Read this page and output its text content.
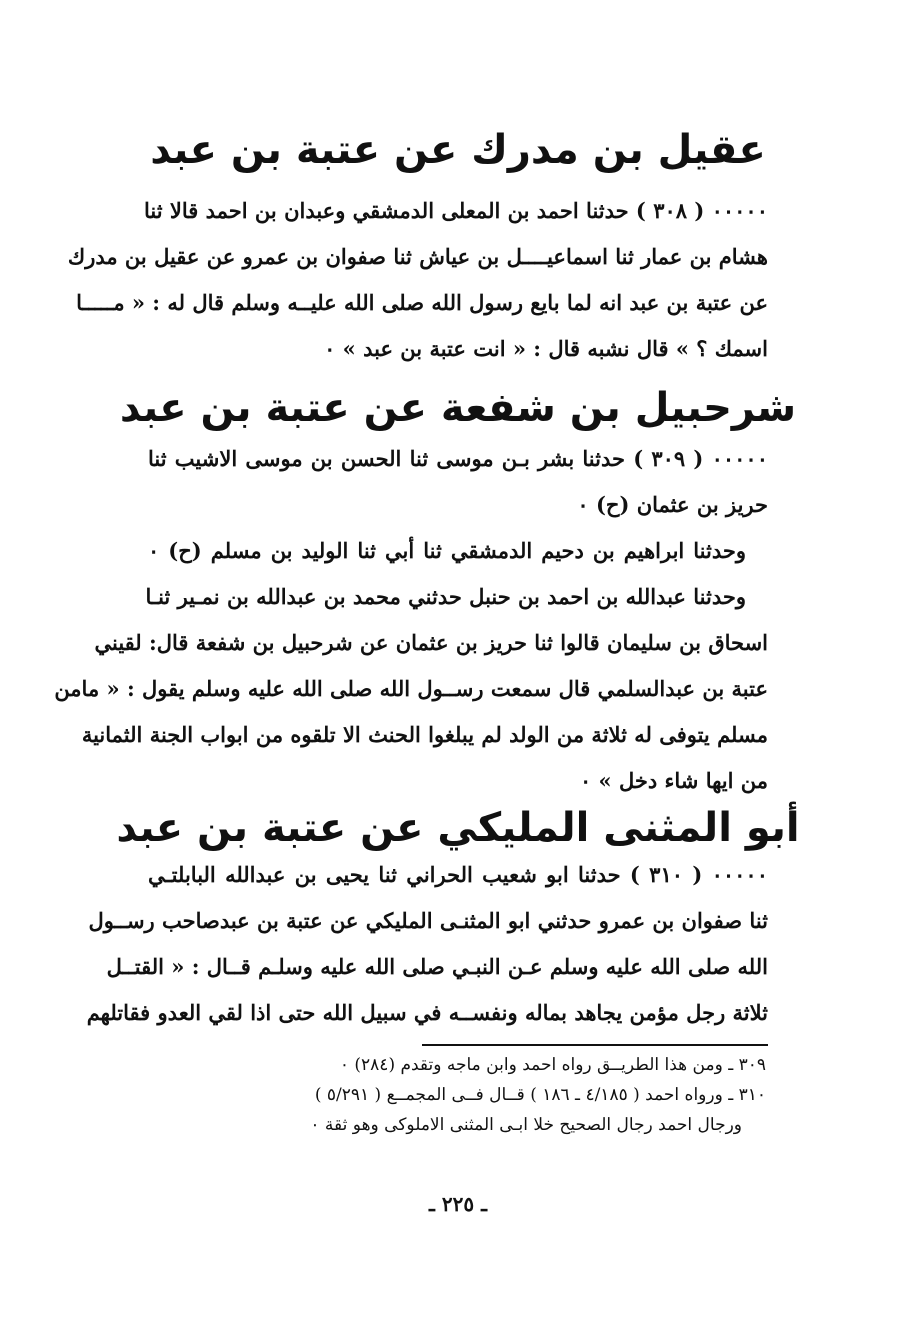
عقيل بن مدرك عن عتبة بن عبد

٠٠٠٠٠ ( ٣٠٨ ) حدثنا احمد بن المعلى الدمشقي وعبدان بن احمد قالا ثنا

هشام بن عمار ثنا اسماعيــــل بن عياش ثنا صفوان بن عمرو عن عقيل بن مدرك

عن عتبة بن عبد انه لما بايع رسول الله صلى الله عليــه وسلم قال له : « مـــــا

اسمك ؟ » قال نشبه قال : « انت عتبة بن عبد » ٠

شرحبيل بن شفعة عن عتبة بن عبد

٠٠٠٠٠ ( ٣٠٩ ) حدثنا بشر بـن موسى ثنا الحسن بن موسى الاشيب ثنا

حريز بن عثمان (ح) ٠

وحدثنا ابراهيم بن دحيم الدمشقي ثنا أبي ثنا الوليد بن مسلم (ح) ٠

وحدثنا عبدالله بن احمد بن حنبل حدثني محمد بن عبدالله بن نمـير ثنـا

اسحاق بن سليمان قالوا ثنا حريز بن عثمان عن شرحبيل بن شفعة قال: لقيني

عتبة بن عبدالسلمي قال سمعت رســول الله صلى الله عليه وسلم يقول : « مامن

مسلم يتوفى له ثلاثة من الولد لم يبلغوا الحنث الا تلقوه من ابواب الجنة الثمانية

من ايها شاء دخل » ٠

أبو المثنى المليكي عن عتبة بن عبد

٠٠٠٠٠ ( ٣١٠ ) حدثنا ابو شعيب الحراني ثنا يحيى بن عبدالله البابلتـي

ثنا صفوان بن عمرو حدثني ابو المثنـى المليكي عن عتبة بن عبدصاحب رســول

الله صلى الله عليه وسلم عـن النبـي صلى الله عليه وسلـم قــال : « القتــل

ثلاثة رجل مؤمن يجاهد بماله ونفســه في سبيل الله حتى اذا لقي العدو فقاتلهم

٣٠٩ ـ ومن هذا الطريــق رواه احمد وابن ماجه وتقدم (٢٨٤) ٠

٣١٠ ـ ورواه احمد ( ٤/١٨٥ ـ ١٨٦ ) قــال فــى المجمــع ( ٥/٢٩١ )

ورجال احمد رجال الصحيح خلا ابـى المثنى الاملوكى وهو ثقة ٠

ـ ٢٢٥ ـ
